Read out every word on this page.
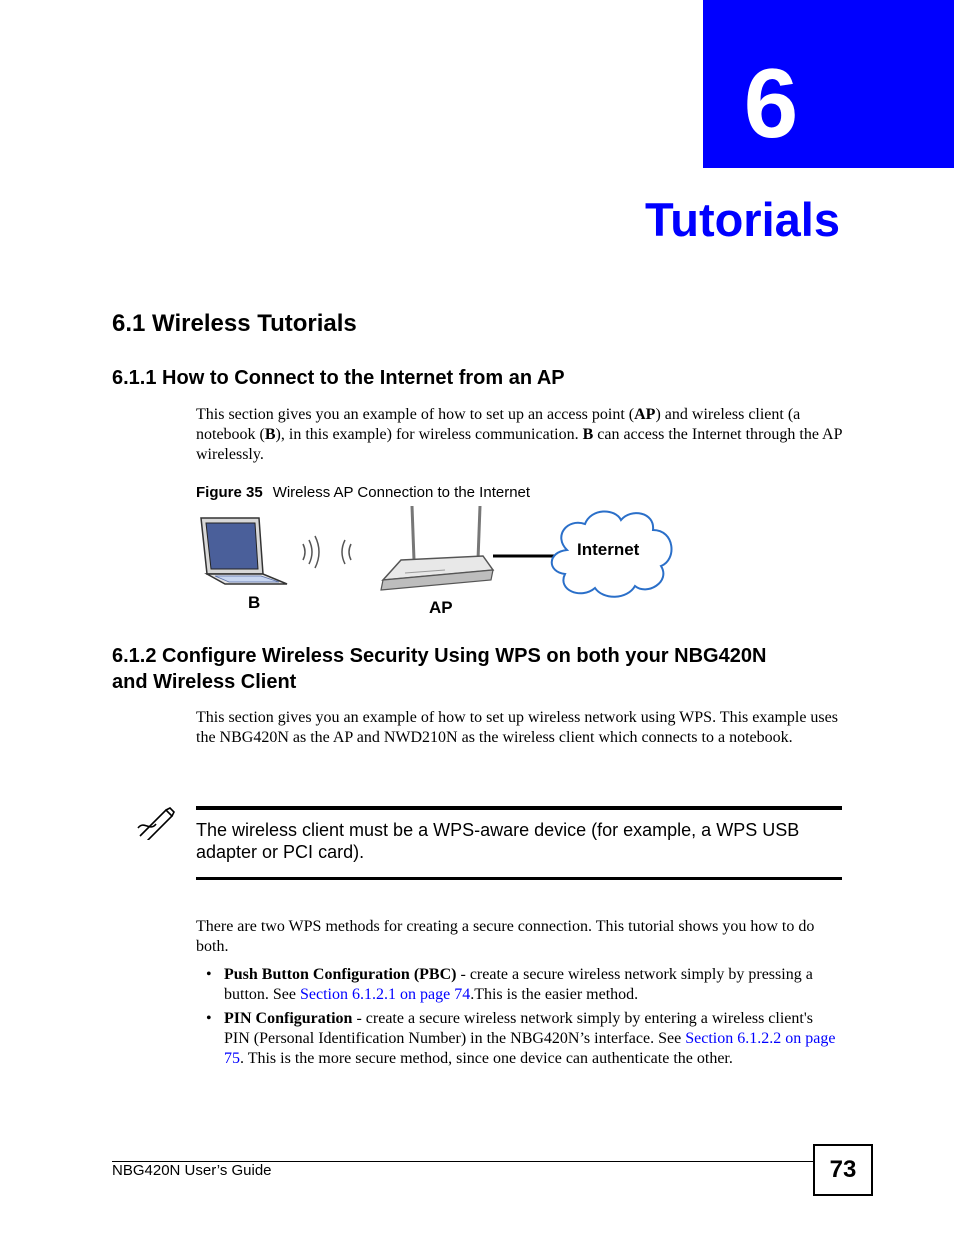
6
Tutorials
6.1 Wireless Tutorials
6.1.1 How to Connect to the Internet from an AP
This section gives you an example of how to set up an access point (AP) and wireless client (a notebook (B), in this example) for wireless communication. B can access the Internet through the AP wirelessly.
Figure 35 Wireless AP Connection to the Internet
Internet
B	AP
6.1.2 Configure Wireless Security Using WPS on both your NBG420N
and Wireless Client
This section gives you an example of how to set up wireless network using WPS. This example uses the NBG420N as the AP and NWD210N as the wireless client which connects to a notebook.
The wireless client must be a WPS-aware device (for example, a WPS USB adapter or PCI card).
There are two WPS methods for creating a secure connection. This tutorial shows you how to do both.
• Push Button Configuration (PBC) - create a secure wireless network simply by pressing a button. See Section 6.1.2.1 on page 74.This is the easier method.
• PIN Configuration - create a secure wireless network simply by entering a wireless client's PIN (Personal Identification Number) in the NBG420N’s interface. See Section 6.1.2.2 on page 75. This is the more secure method, since one device can authenticate the other.
NBG420N User’s Guide	73
